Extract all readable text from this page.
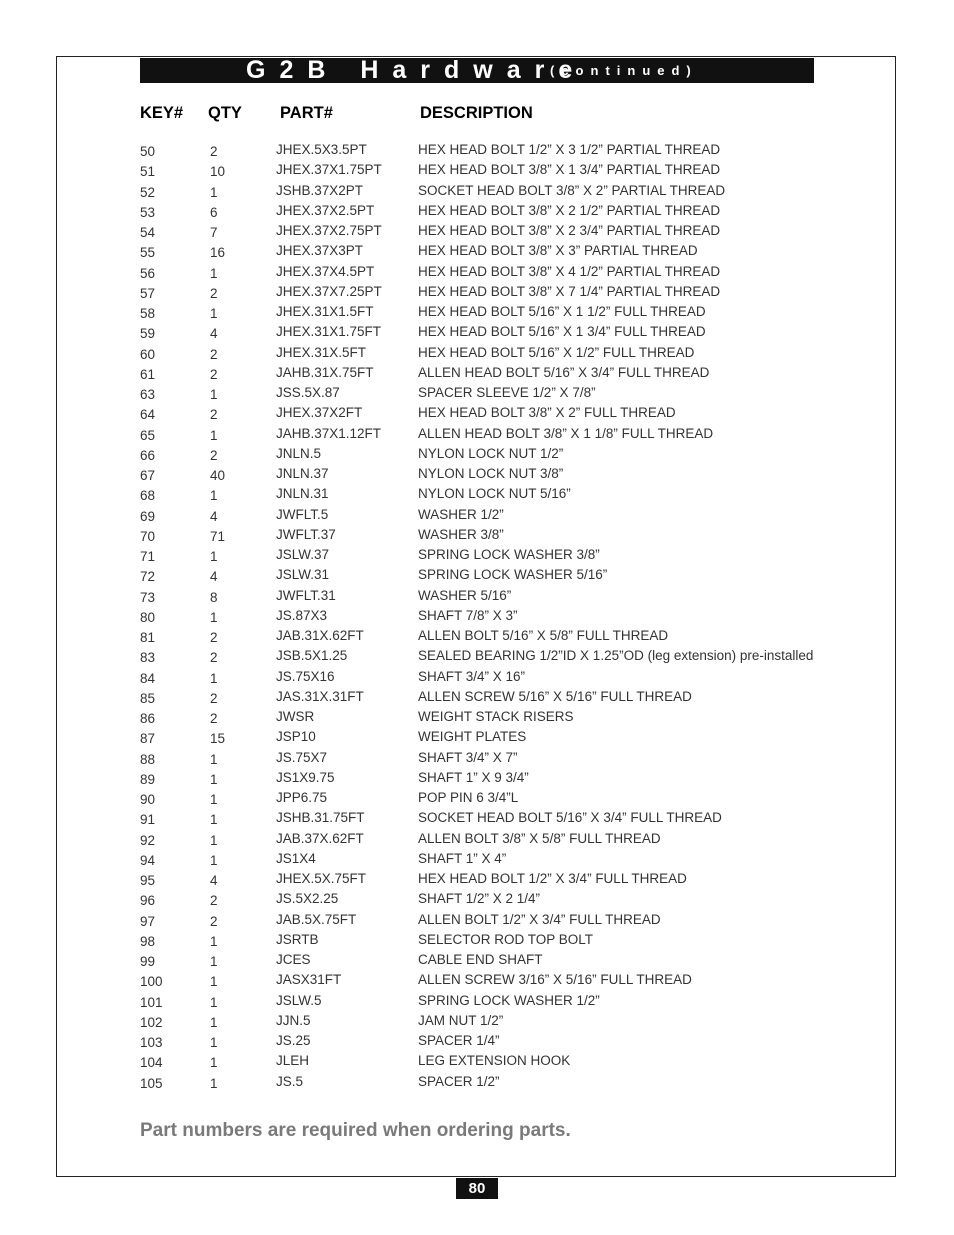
G2B Hardware
(continued)
KEY# QTY PART#	DESCRIPTION
50	2	JHEX.5X3.5PT	HEX HEAD BOLT 1/2” X 3 1/2” PARTIAL THREAD
51	10	JHEX.37X1.75PT	HEX HEAD BOLT 3/8” X 1 3/4” PARTIAL THREAD
52	1	JSHB.37X2PT	SOCKET HEAD BOLT 3/8” X 2” PARTIAL THREAD
53	6	JHEX.37X2.5PT	HEX HEAD BOLT 3/8” X 2 1/2” PARTIAL THREAD
54	7	JHEX.37X2.75PT	HEX HEAD BOLT 3/8” X 2 3/4” PARTIAL THREAD
55	16	JHEX.37X3PT	HEX HEAD BOLT 3/8” X 3” PARTIAL THREAD
56	1	JHEX.37X4.5PT	HEX HEAD BOLT 3/8” X 4 1/2” PARTIAL THREAD
57	2	JHEX.37X7.25PT	HEX HEAD BOLT 3/8” X 7 1/4” PARTIAL THREAD
58	1	JHEX.31X1.5FT	HEX HEAD BOLT 5/16” X 1 1/2” FULL THREAD
59	4	JHEX.31X1.75FT	HEX HEAD BOLT 5/16” X 1 3/4” FULL THREAD
60	2	JHEX.31X.5FT	HEX HEAD BOLT 5/16” X 1/2” FULL THREAD
61	2	JAHB.31X.75FT	ALLEN HEAD BOLT 5/16” X 3/4” FULL THREAD
63	1	JSS.5X.87	SPACER SLEEVE 1/2” X 7/8”
64	2	JHEX.37X2FT	HEX HEAD BOLT 3/8” X 2” FULL THREAD
65	1	JAHB.37X1.12FT	ALLEN HEAD BOLT 3/8” X 1 1/8” FULL THREAD
66	2	JNLN.5	NYLON LOCK NUT 1/2”
67	40	JNLN.37	NYLON LOCK NUT 3/8”
68	1	JNLN.31	NYLON LOCK NUT 5/16”
69	4	JWFLT.5	WASHER 1/2”
70	71	JWFLT.37	WASHER 3/8”
71	1	JSLW.37	SPRING LOCK WASHER 3/8”
72	4	JSLW.31	SPRING LOCK WASHER 5/16”
73	8	JWFLT.31	WASHER 5/16”
80	1	JS.87X3	SHAFT 7/8” X 3”
81	2	JAB.31X.62FT	ALLEN BOLT 5/16” X 5/8” FULL THREAD
83	2	JSB.5X1.25	SEALED BEARING 1/2”ID X 1.25”OD (leg extension) pre-installed
84	1	JS.75X16	SHAFT 3/4” X 16”
85	2	JAS.31X.31FT	ALLEN SCREW 5/16” X 5/16” FULL THREAD
86	2	JWSR	WEIGHT STACK RISERS
87	15	JSP10	WEIGHT PLATES
88	1	JS.75X7	SHAFT 3/4” X 7”
89	1	JS1X9.75	SHAFT 1” X 9 3/4”
90	1	JPP6.75	POP PIN 6 3/4”L
91	1	JSHB.31.75FT	SOCKET HEAD BOLT 5/16” X 3/4” FULL THREAD
92	1	JAB.37X.62FT	ALLEN BOLT 3/8” X 5/8” FULL THREAD
94	1	JS1X4	SHAFT 1” X 4”
95	4	JHEX.5X.75FT	HEX HEAD BOLT 1/2” X 3/4” FULL THREAD
96	2	JS.5X2.25	SHAFT 1/2” X 2 1/4”
97	2	JAB.5X.75FT	ALLEN BOLT 1/2” X 3/4” FULL THREAD
98	1	JSRTB	SELECTOR ROD TOP BOLT
99	1	JCES	CABLE END SHAFT
100	1	JASX31FT	ALLEN SCREW 3/16” X 5/16” FULL THREAD
101	1	JSLW.5	SPRING LOCK WASHER 1/2”
102	1	JJN.5	JAM NUT 1/2”
103	1	JS.25	SPACER 1/4”
104	1	JLEH	LEG EXTENSION HOOK
105	1	JS.5	SPACER 1/2”
Part numbers are required when ordering parts.
80
